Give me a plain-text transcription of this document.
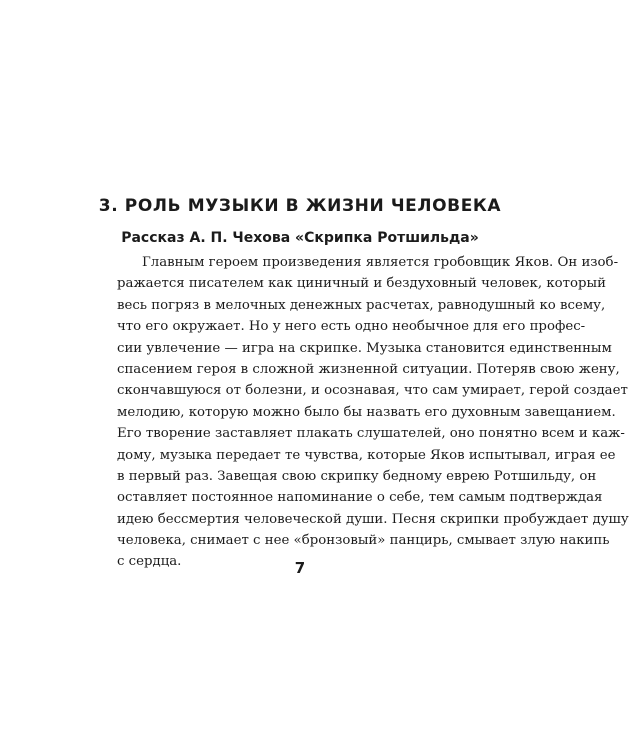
3. РОЛЬ МУЗЫКИ В ЖИЗНИ ЧЕЛОВЕКА
Рассказ А. П. Чехова «Скрипка Ротшильда»
Главным героем произведения является гробовщик Яков. Он изоб-
ражается писателем как циничный и бездуховный человек, который
весь погряз в мелочных денежных расчетах, равнодушный ко всему,
что его окружает. Но у него есть одно необычное для его профес-
сии увлечение — игра на скрипке. Музыка становится единственным
спасением героя в сложной жизненной ситуации. Потеряв свою жену,
скончавшуюся от болезни, и осознавая, что сам умирает, герой создает
мелодию, которую можно было бы назвать его духовным завещанием.
Его творение заставляет плакать слушателей, оно понятно всем и каж-
дому, музыка передает те чувства, которые Яков испытывал, играя ее
в первый раз. Завещая свою скрипку бедному еврею Ротшильду, он
оставляет постоянное напоминание о себе, тем самым подтверждая
идею бессмертия человеческой души. Песня скрипки пробуждает душу
человека, снимает с нее «бронзовый» панцирь, смывает злую накипь
с сердца.	7
